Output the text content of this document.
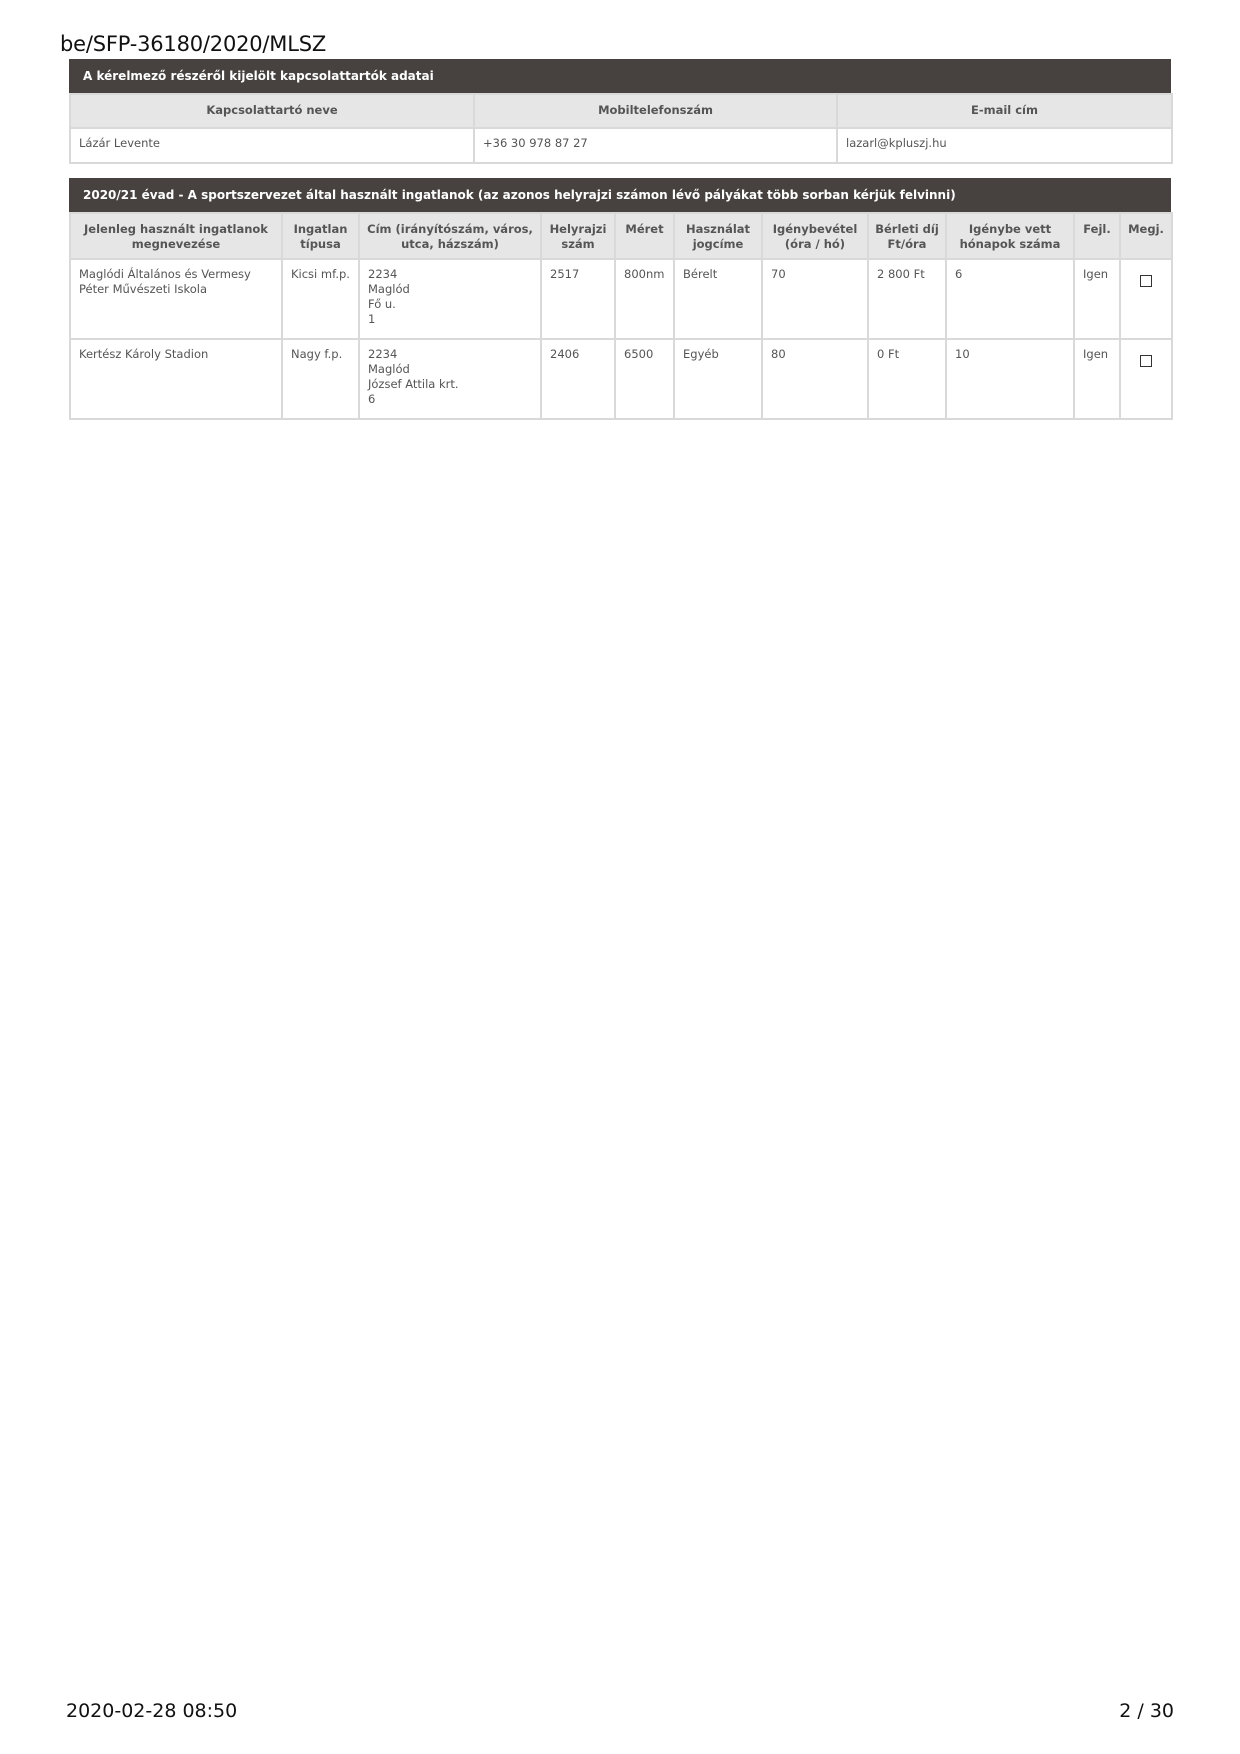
be/SFP-36180/2020/MLSZ
A kérelmező részéről kijelölt kapcsolattartók adatai
Kapcsolattartó neve	Mobiltelefonszám	E-mail cím
Lázár Levente	+36 30 978 87 27	lazarl@kpluszj.hu
2020/21 évad - A sportszervezet által használt ingatlanok (az azonos helyrajzi számon lévő pályákat több sorban kérjük felvinni)
Jelenleg használt ingatlanok megnevezése	Ingatlan típusa	Cím (irányítószám, város, utca, házszám)	Helyrajzi szám	Méret	Használat jogcíme	Igénybevétel (óra / hó)	Bérleti díj Ft/óra	Igénybe vett hónapok száma	Fejl.	Megj.
Maglódi Általános és Vermesy Péter Művészeti Iskola	Kicsi mf.p.	2234
Maglód
Fő u.
1	2517	800nm	Bérelt	70	2 800 Ft	6	Igen	
Kertész Károly Stadion	Nagy f.p.	2234
Maglód
József Attila krt.
6	2406	6500	Egyéb	80	0 Ft	10	Igen	
2020-02-28 08:50	2 / 30
